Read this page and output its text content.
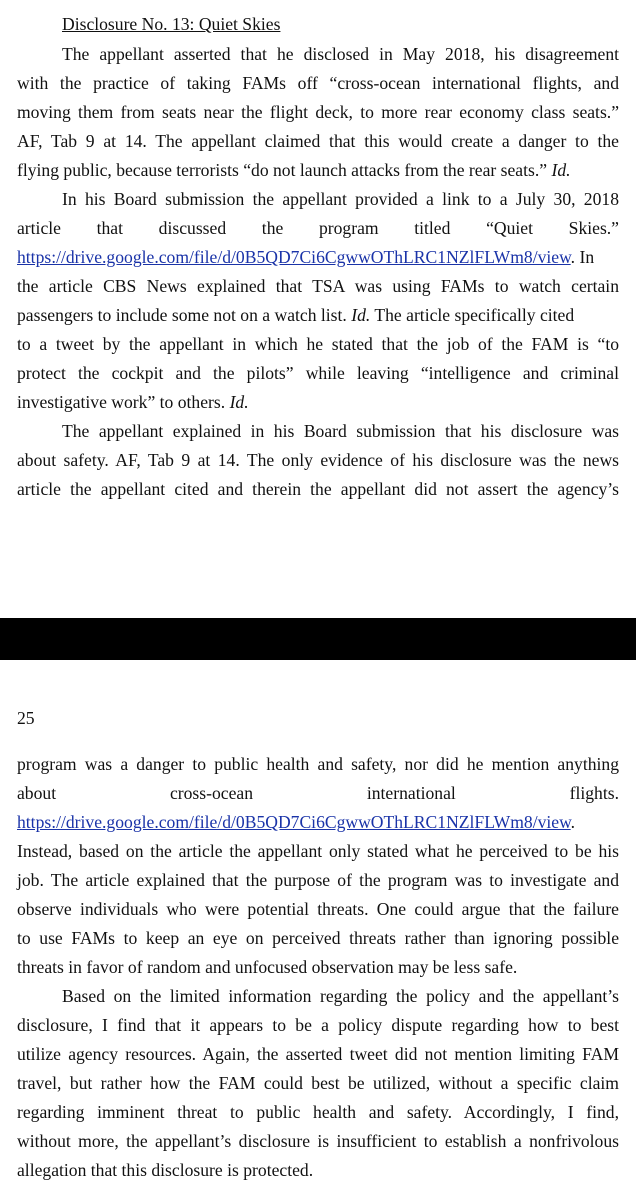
Disclosure No. 13: Quiet Skies
The appellant asserted that he disclosed in May 2018, his disagreement
with the practice of taking FAMs off “cross-ocean international flights, and
moving them from seats near the flight deck, to more rear economy class seats.”
AF, Tab 9 at 14. The appellant claimed that this would create a danger to the
flying public, because terrorists “do not launch attacks from the rear seats.” Id.
In his Board submission the appellant provided a link to a July 30, 2018
article that discussed the program titled “Quiet Skies.”
https://drive.google.com/file/d/0B5QD7Ci6CgwwOThLRC1NZlFLWm8/view. In
the article CBS News explained that TSA was using FAMs to watch certain
passengers to include some not on a watch list. Id. The article specifically cited
to a tweet by the appellant in which he stated that the job of the FAM is “to
protect the cockpit and the pilots” while leaving “intelligence and criminal
investigative work” to others. Id.
The appellant explained in his Board submission that his disclosure was
about safety. AF, Tab 9 at 14. The only evidence of his disclosure was the news
article the appellant cited and therein the appellant did not assert the agency’s
25
program was a danger to public health and safety, nor did he mention anything
about cross-ocean international flights.
https://drive.google.com/file/d/0B5QD7Ci6CgwwOThLRC1NZlFLWm8/view.
Instead, based on the article the appellant only stated what he perceived to be his
job. The article explained that the purpose of the program was to investigate and
observe individuals who were potential threats. One could argue that the failure
to use FAMs to keep an eye on perceived threats rather than ignoring possible
threats in favor of random and unfocused observation may be less safe.
Based on the limited information regarding the policy and the appellant’s
disclosure, I find that it appears to be a policy dispute regarding how to best
utilize agency resources. Again, the asserted tweet did not mention limiting FAM
travel, but rather how the FAM could best be utilized, without a specific claim
regarding imminent threat to public health and safety. Accordingly, I find,
without more, the appellant’s disclosure is insufficient to establish a nonfrivolous
allegation that this disclosure is protected.
